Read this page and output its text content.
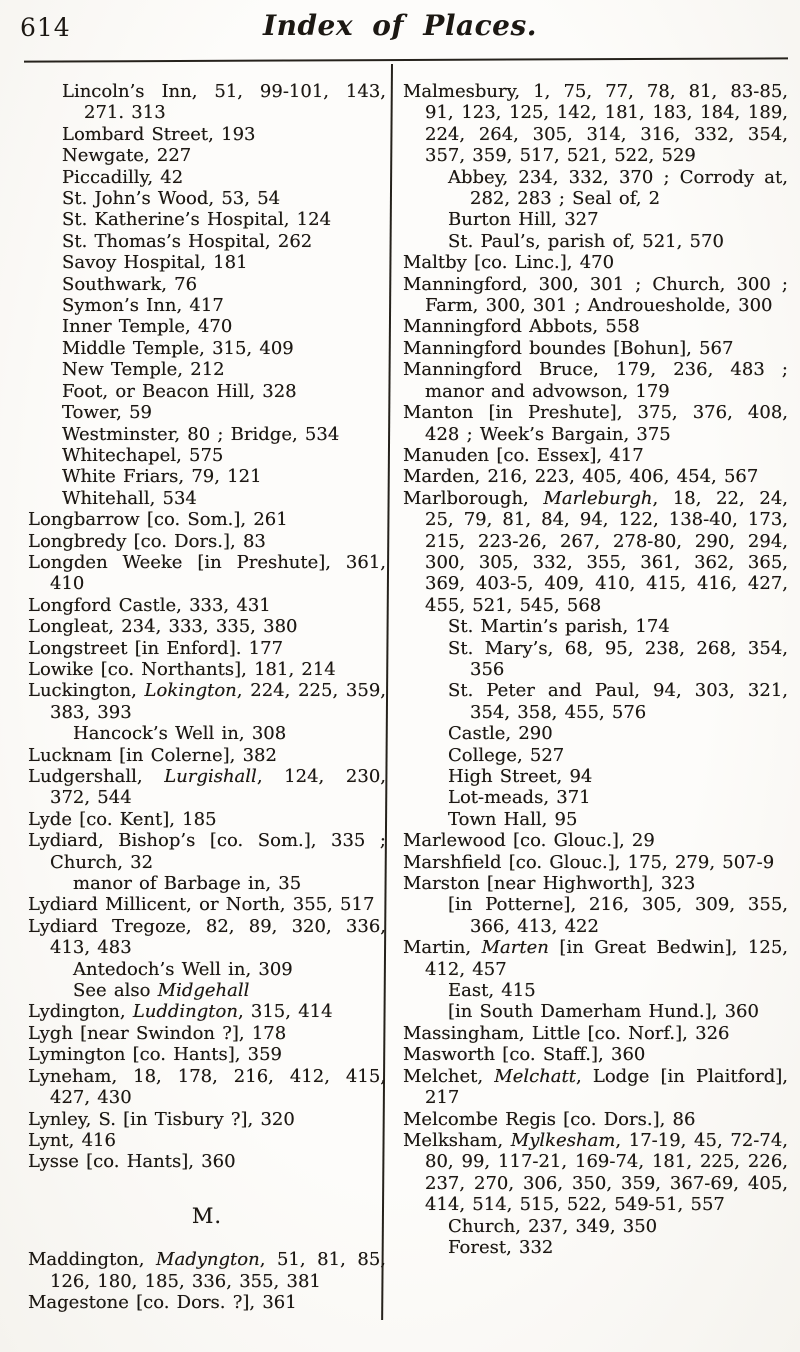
614	Index of Places.

Lincoln’s Inn, 51, 99-101, 143, 271. 313

Lombard Street, 193

Newgate, 227

Piccadilly, 42

St. John’s Wood, 53, 54

St. Katherine’s Hospital, 124

St. Thomas’s Hospital, 262

Savoy Hospital, 181

Southwark, 76

Symon’s Inn, 417

Inner Temple, 470

Middle Temple, 315, 409

New Temple, 212

Foot, or Beacon Hill, 328

Tower, 59

Westminster, 80 ; Bridge, 534

Whitechapel, 575

White Friars, 79, 121

Whitehall, 534

Longbarrow [co. Som.], 261

Longbredy [co. Dors.], 83

Longden Weeke [in Preshute], 361, 410

Longford Castle, 333, 431

Longleat, 234, 333, 335, 380

Longstreet [in Enford]. 177

Lowike [co. Northants], 181, 214

Luckington, Lokington, 224, 225, 359, 383, 393

Hancock’s Well in, 308

Lucknam [in Colerne], 382

Ludgershall, Lurgishall, 124, 230, 372, 544

Lyde [co. Kent], 185

Lydiard, Bishop’s [co. Som.], 335 ; Church, 32

manor of Barbage in, 35

Lydiard Millicent, or North, 355, 517

Lydiard Tregoze, 82, 89, 320, 336, 413, 483

Antedoch’s Well in, 309

See also Midgehall

Lydington, Luddington, 315, 414

Lygh [near Swindon ?], 178

Lymington [co. Hants], 359

Lyneham, 18, 178, 216, 412, 415, 427, 430

Lynley, S. [in Tisbury ?], 320

Lynt, 416

Lysse [co. Hants], 360

M.

Maddington, Madyngton, 51, 81, 85, 126, 180, 185, 336, 355, 381

Magestone [co. Dors. ?], 361

Malmesbury, 1, 75, 77, 78, 81, 83-85, 91, 123, 125, 142, 181, 183, 184, 189, 224, 264, 305, 314, 316, 332, 354, 357, 359, 517, 521, 522, 529

Abbey, 234, 332, 370 ; Corrody at, 282, 283 ; Seal of, 2

Burton Hill, 327

St. Paul’s, parish of, 521, 570

Maltby [co. Linc.], 470

Manningford, 300, 301 ; Church, 300 ; Farm, 300, 301 ; Androuesholde, 300

Manningford Abbots, 558

Manningford boundes [Bohun], 567

Manningford Bruce, 179, 236, 483 ; manor and advowson, 179

Manton [in Preshute], 375, 376, 408, 428 ; Week’s Bargain, 375

Manuden [co. Essex], 417

Marden, 216, 223, 405, 406, 454, 567

Marlborough, Marleburgh, 18, 22, 24, 25, 79, 81, 84, 94, 122, 138-40, 173, 215, 223-26, 267, 278-80, 290, 294, 300, 305, 332, 355, 361, 362, 365, 369, 403-5, 409, 410, 415, 416, 427, 455, 521, 545, 568

St. Martin’s parish, 174

St. Mary’s, 68, 95, 238, 268, 354, 356

St. Peter and Paul, 94, 303, 321, 354, 358, 455, 576

Castle, 290

College, 527

High Street, 94

Lot-meads, 371

Town Hall, 95

Marlewood [co. Glouc.], 29

Marshfield [co. Glouc.], 175, 279, 507-9

Marston [near Highworth], 323

[in Potterne], 216, 305, 309, 355, 366, 413, 422

Martin, Marten [in Great Bedwin], 125, 412, 457

East, 415

[in South Damerham Hund.], 360

Massingham, Little [co. Norf.], 326

Masworth [co. Staff.], 360

Melchet, Melchatt, Lodge [in Plaitford], 217

Melcombe Regis [co. Dors.], 86

Melksham, Mylkesham, 17-19, 45, 72-74, 80, 99, 117-21, 169-74, 181, 225, 226, 237, 270, 306, 350, 359, 367-69, 405, 414, 514, 515, 522, 549-51, 557

Church, 237, 349, 350

Forest, 332
